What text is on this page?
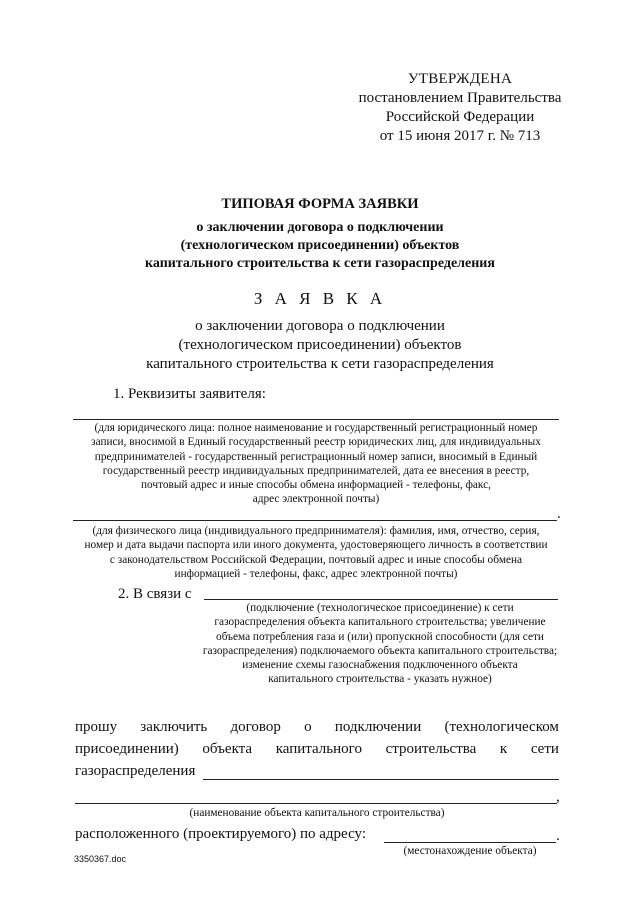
УТВЕРЖДЕНА
постановлением Правительства
Российской Федерации
от 15 июня 2017 г. № 713
ТИПОВАЯ ФОРМА ЗАЯВКИ
о заключении договора о подключении
(технологическом присоединении) объектов
капитального строительства к сети газораспределения
З А Я В К А
о заключении договора о подключении
(технологическом присоединении) объектов
капитального строительства к сети газораспределения
1. Реквизиты заявителя:
(для юридического лица: полное наименование и государственный регистрационный номер
записи, вносимой в Единый государственный реестр юридических лиц, для индивидуальных
предпринимателей - государственный регистрационный номер записи, вносимый в Единый
государственный реестр индивидуальных предпринимателей, дата ее внесения в реестр,
почтовый адрес и иные способы обмена информацией - телефоны, факс,
адрес электронной почты)
.
(для физического лица (индивидуального предпринимателя): фамилия, имя, отчество, серия,
номер и дата выдачи паспорта или иного документа, удостоверяющего личность в соответствии
с законодательством Российской Федерации, почтовый адрес и иные способы обмена
информацией - телефоны, факс, адрес электронной почты)
2. В связи с
(подключение (технологическое присоединение) к сети
газораспределения объекта капитального строительства; увеличение
объема потребления газа и (или) пропускной способности (для сети
газораспределения) подключаемого объекта капитального строительства;
изменение схемы газоснабжения подключенного объекта
капитального строительства - указать нужное)
прошу заключить договор о подключении (технологическом
присоединении) объекта капитального строительства к сети
газораспределения
,
(наименование объекта капитального строительства)
расположенного (проектируемого) по адресу:	.
(местонахождение объекта)
3350367.doc
